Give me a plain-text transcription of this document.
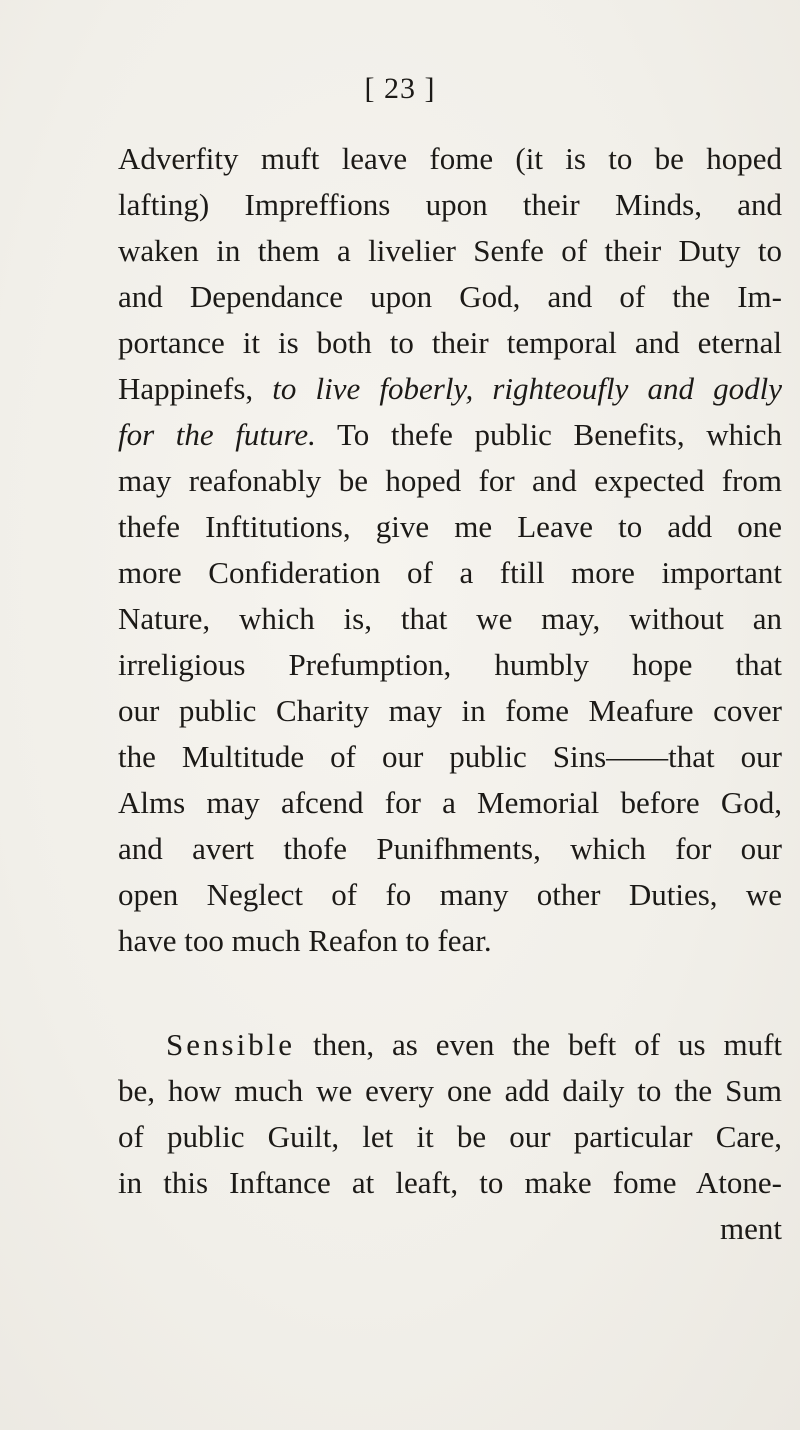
[ 23 ]
Adverfity muft leave fome (it is to be hoped
lafting) Impreffions upon their Minds, and
waken in them a livelier Senfe of their Duty to
and Dependance upon God, and of the Im-
portance it is both to their temporal and eternal
Happinefs, to live foberly, righteoufly and godly
for the future. To thefe public Benefits, which
may reafonably be hoped for and expected from
thefe Inftitutions, give me Leave to add one
more Confideration of a ftill more important
Nature, which is, that we may, without an
irreligious Prefumption, humbly hope that
our public Charity may in fome Meafure cover
the Multitude of our public Sins——that our
Alms may afcend for a Memorial before God,
and avert thofe Punifhments, which for our
open Neglect of fo many other Duties, we
have too much Reafon to fear.
Sensible then, as even the beft of us muft
be, how much we every one add daily to the Sum
of public Guilt, let it be our particular Care,
in this Inftance at leaft, to make fome Atone-
ment
